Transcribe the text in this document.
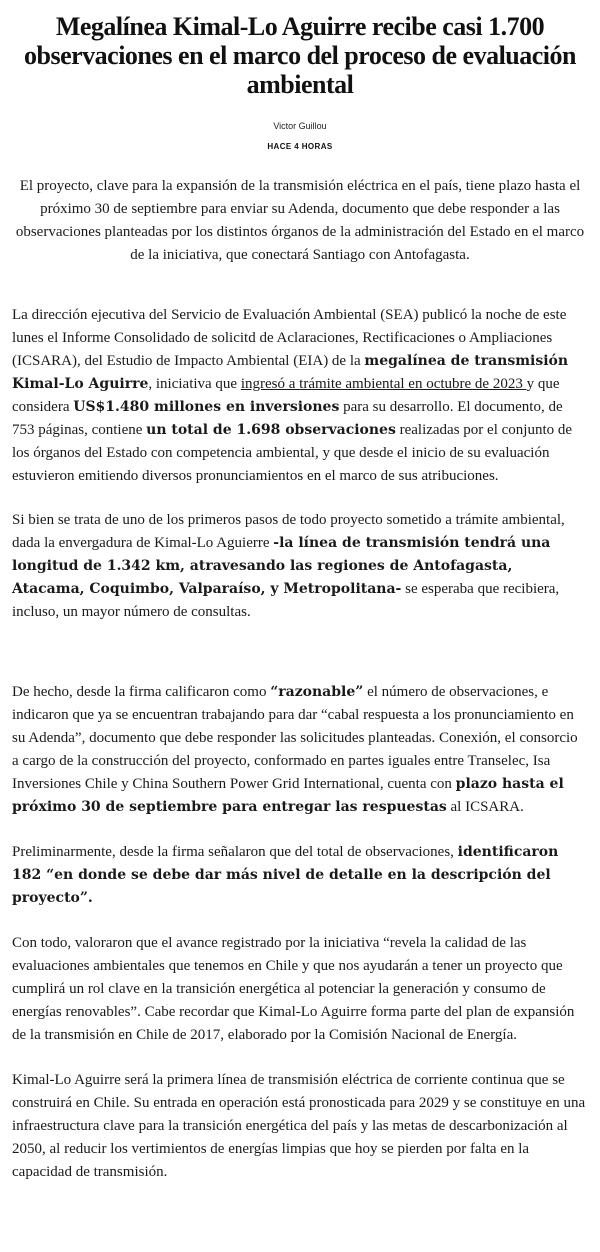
Megalínea Kimal-Lo Aguirre recibe casi 1.700 observaciones en el marco del proceso de evaluación ambiental
Victor Guillou
HACE 4 HORAS

El proyecto, clave para la expansión de la transmisión eléctrica en el país, tiene plazo hasta el próximo 30 de septiembre para enviar su Adenda, documento que debe responder a las observaciones planteadas por los distintos órganos de la administración del Estado en el marco de la iniciativa, que conectará Santiago con Antofagasta.

La dirección ejecutiva del Servicio de Evaluación Ambiental (SEA) publicó la noche de este lunes el Informe Consolidado de solicitd de Aclaraciones, Rectificaciones o Ampliaciones (ICSARA), del Estudio de Impacto Ambiental (EIA) de la megalínea de transmisión Kimal-Lo Aguirre, iniciativa que ingresó a trámite ambiental en octubre de 2023 y que considera US$1.480 millones en inversiones para su desarrollo. El documento, de 753 páginas, contiene un total de 1.698 observaciones realizadas por el conjunto de los órganos del Estado con competencia ambiental, y que desde el inicio de su evaluación estuvieron emitiendo diversos pronunciamientos en el marco de sus atribuciones.

Si bien se trata de uno de los primeros pasos de todo proyecto sometido a trámite ambiental, dada la envergadura de Kimal-Lo Aguierre -la línea de transmisión tendrá una longitud de 1.342 km, atravesando las regiones de Antofagasta, Atacama, Coquimbo, Valparaíso, y Metropolitana- se esperaba que recibiera, incluso, un mayor número de consultas.

De hecho, desde la firma calificaron como “razonable” el número de observaciones, e indicaron que ya se encuentran trabajando para dar “cabal respuesta a los pronunciamiento en su Adenda”, documento que debe responder las solicitudes planteadas. Conexión, el consorcio a cargo de la construcción del proyecto, conformado en partes iguales entre Transelec, Isa Inversiones Chile y China Southern Power Grid International, cuenta con plazo hasta el próximo 30 de septiembre para entregar las respuestas al ICSARA.

Preliminarmente, desde la firma señalaron que del total de observaciones, identificaron 182 “en donde se debe dar más nivel de detalle en la descripción del proyecto”.

Con todo, valoraron que el avance registrado por la iniciativa “revela la calidad de las evaluaciones ambientales que tenemos en Chile y que nos ayudarán a tener un proyecto que cumplirá un rol clave en la transición energética al potenciar la generación y consumo de energías renovables”. Cabe recordar que Kimal-Lo Aguirre forma parte del plan de expansión de la transmisión en Chile de 2017, elaborado por la Comisión Nacional de Energía.

Kimal-Lo Aguirre será la primera línea de transmisión eléctrica de corriente continua que se construirá en Chile. Su entrada en operación está pronosticada para 2029 y se constituye en una infraestructura clave para la transición energética del país y las metas de descarbonización al 2050, al reducir los vertimientos de energías limpias que hoy se pierden por falta en la capacidad de transmisión.
